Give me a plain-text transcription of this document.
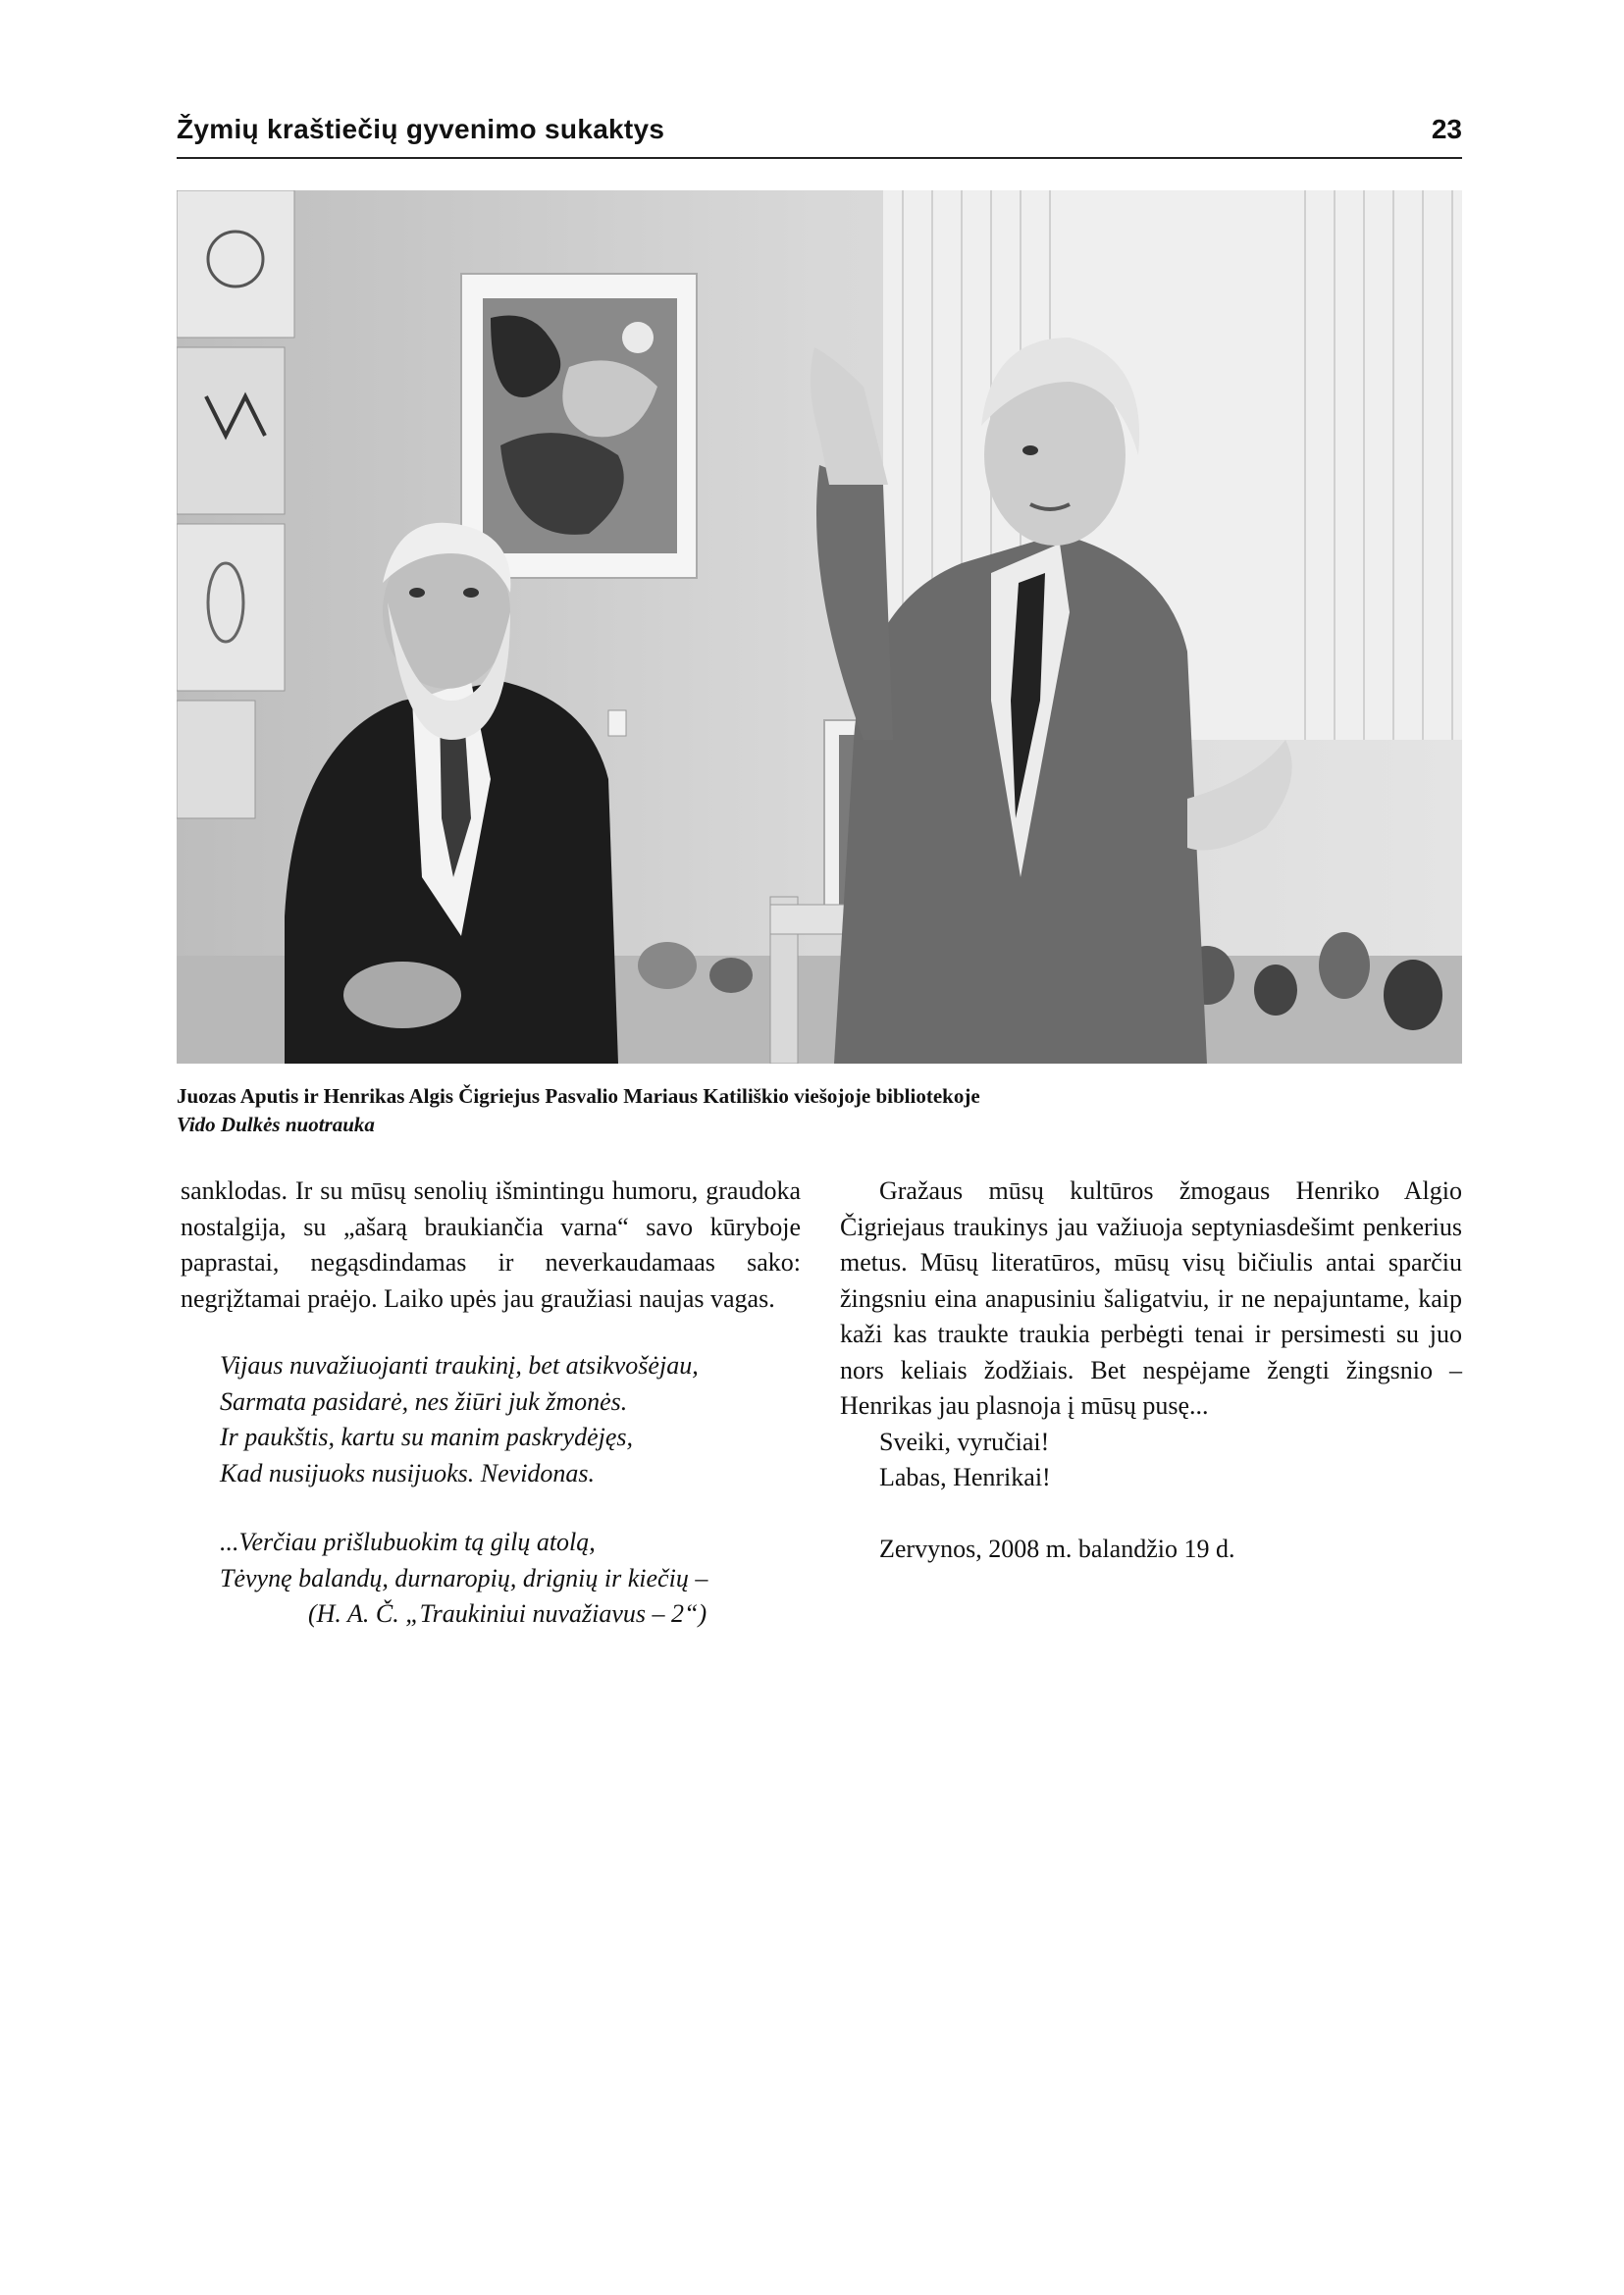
Žymių kraštiečių gyvenimo sukaktys	23
Juozas Aputis ir Henrikas Algis Čigriejus Pasvalio Mariaus Katiliškio viešojoje bibliotekoje
Vido Dulkės nuotrauka

sanklodas. Ir su mūsų senolių išmintingu humoru, graudoka nostalgija, su „ašarą braukiančia varna“ savo kūryboje paprastai, negąsdindamas ir neverkaudamaas sako: negrįžtamai praėjo. Laiko upės jau graužiasi naujas vagas.

Vijaus nuvažiuojanti traukinį, bet atsikvošėjau,
Sarmata pasidarė, nes žiūri juk žmonės.
Ir paukštis, kartu su manim paskrydėjęs,
Kad nusijuoks nusijuoks. Nevidonas.
...Verčiau prišlubuokim tą gilų atolą,
Tėvynę balandų, durnaropių, drignių ir kiečių –
(H. A. Č. „Traukiniui nuvažiavus – 2“)

Gražaus mūsų kultūros žmogaus Henriko Algio Čigriejaus traukinys jau važiuoja septyniasdešimt penkerius metus. Mūsų literatūros, mūsų visų bičiulis antai sparčiu žingsniu eina anapusiniu šaligatviu, ir ne nepajuntame, kaip kaži kas traukte traukia perbėgti tenai ir persimesti su juo nors keliais žodžiais. Bet nespėjame žengti žingsnio – Henrikas jau plasnoja į mūsų pusę...

Sveiki, vyručiai!
Labas, Henrikai!
Zervynos, 2008 m. balandžio 19 d.
